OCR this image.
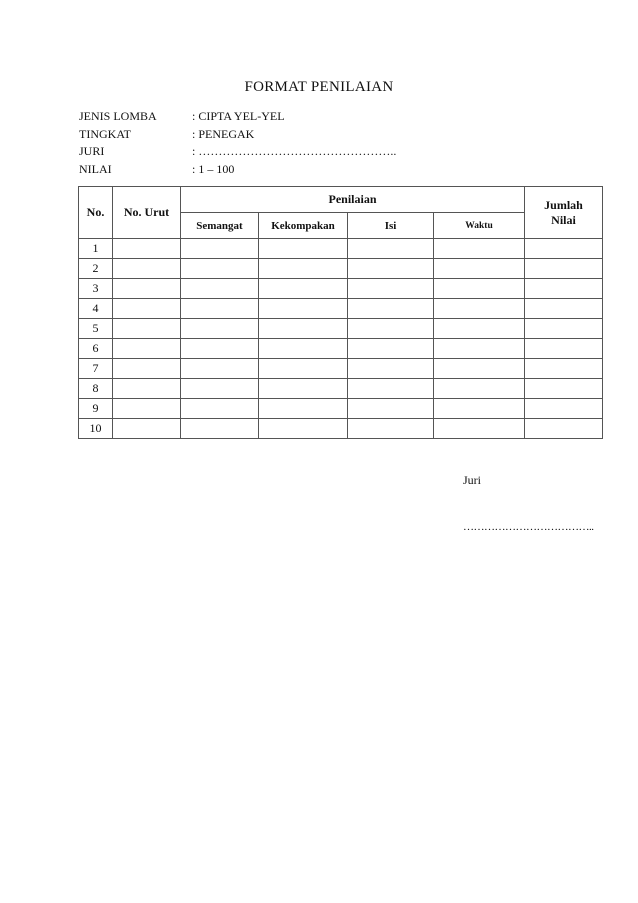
FORMAT PENILAIAN
JENIS LOMBA	: CIPTA YEL-YEL
TINGKAT	: PENEGAK
JURI	: …………………………………………..
NILAI	: 1 – 100
No.	No. Urut	Penilaian				Jumlah
Nilai

		Semangat	Kekompakan	Isi	Waktu	
1						
2						
3						
4						
5						
6						
7						
8						
9						
10						
Juri
………………………………..
